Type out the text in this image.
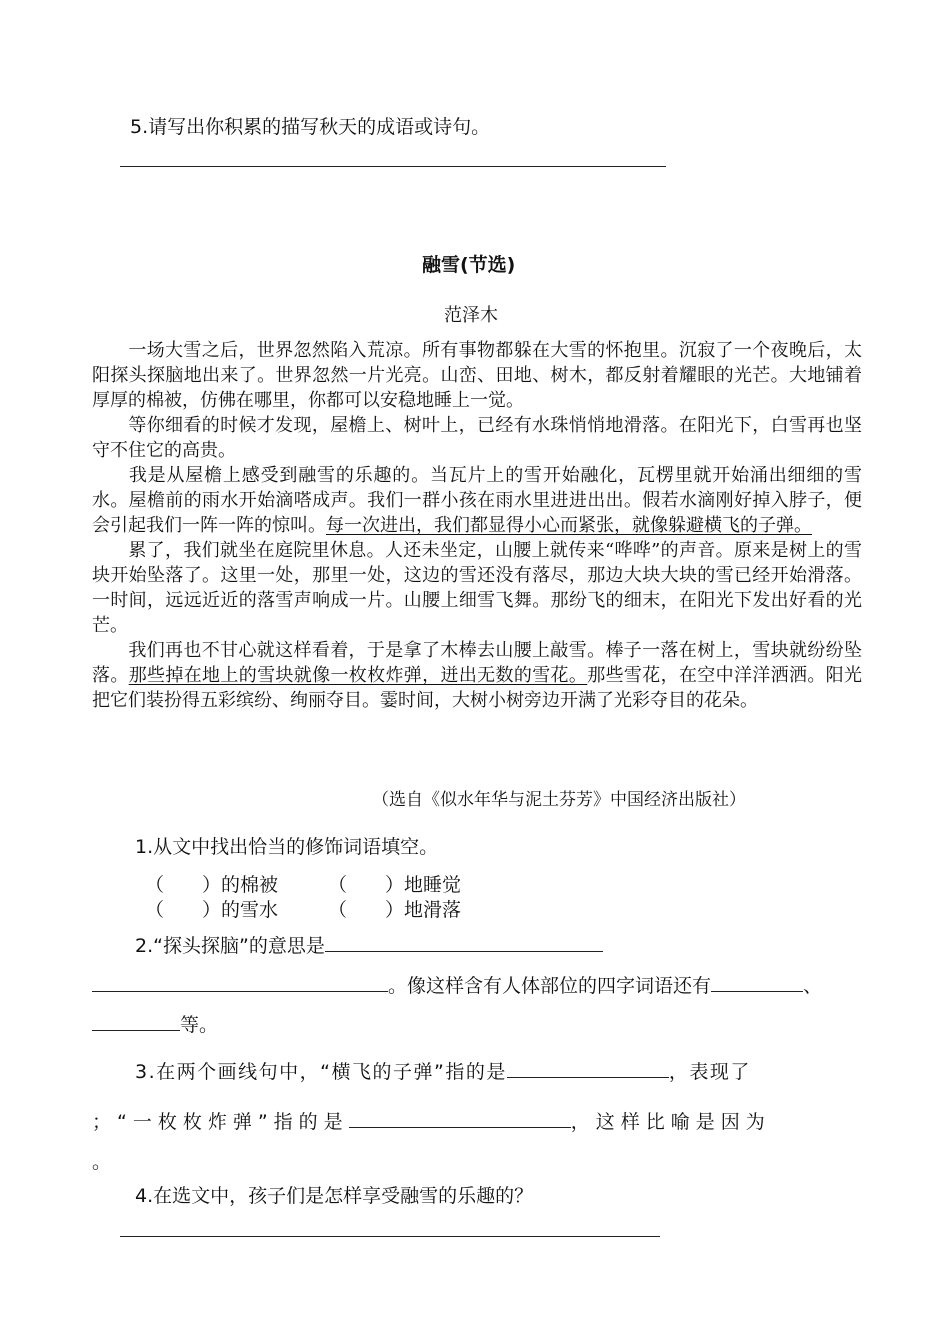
5.请写出你积累的描写秋天的成语或诗句。
融雪(节选)
范泽木
一场大雪之后，世界忽然陷入荒凉。所有事物都躲在大雪的怀抱里。沉寂了一个夜晚后，太阳探头探脑地出来了。世界忽然一片光亮。山峦、田地、树木，都反射着耀眼的光芒。大地铺着厚厚的棉被，仿佛在哪里，你都可以安稳地睡上一觉。
等你细看的时候才发现，屋檐上、树叶上，已经有水珠悄悄地滑落。在阳光下，白雪再也坚守不住它的高贵。
我是从屋檐上感受到融雪的乐趣的。当瓦片上的雪开始融化，瓦楞里就开始涌出细细的雪水。屋檐前的雨水开始滴嗒成声。我们一群小孩在雨水里进进出出。假若水滴刚好掉入脖子，便会引起我们一阵一阵的惊叫。每一次进出，我们都显得小心而紧张，就像躲避横飞的子弹。
累了，我们就坐在庭院里休息。人还未坐定，山腰上就传来“哗哗”的声音。原来是树上的雪块开始坠落了。这里一处，那里一处，这边的雪还没有落尽，那边大块大块的雪已经开始滑落。一时间，远远近近的落雪声响成一片。山腰上细雪飞舞。那纷飞的细末，在阳光下发出好看的光芒。
我们再也不甘心就这样看着，于是拿了木棒去山腰上敲雪。棒子一落在树上，雪块就纷纷坠落。那些掉在地上的雪块就像一枚枚炸弹，迸出无数的雪花。那些雪花，在空中洋洋洒洒。阳光把它们装扮得五彩缤纷、绚丽夺目。霎时间，大树小树旁边开满了光彩夺目的花朵。
（选自《似水年华与泥土芬芳》中国经济出版社）
1.从文中找出恰当的修饰词语填空。
（　　）的棉被	（　　）地睡觉
（　　）的雪水	（　　）地滑落
2.“探头探脑”的意思是
。像这样含有人体部位的四字词语还有	、
等。
3.在两个画线句中，“横飞的子弹”指的是	，表现了
；“一枚枚炸弹”指的是	，这样比喻是因为
。
4.在选文中，孩子们是怎样享受融雪的乐趣的？
